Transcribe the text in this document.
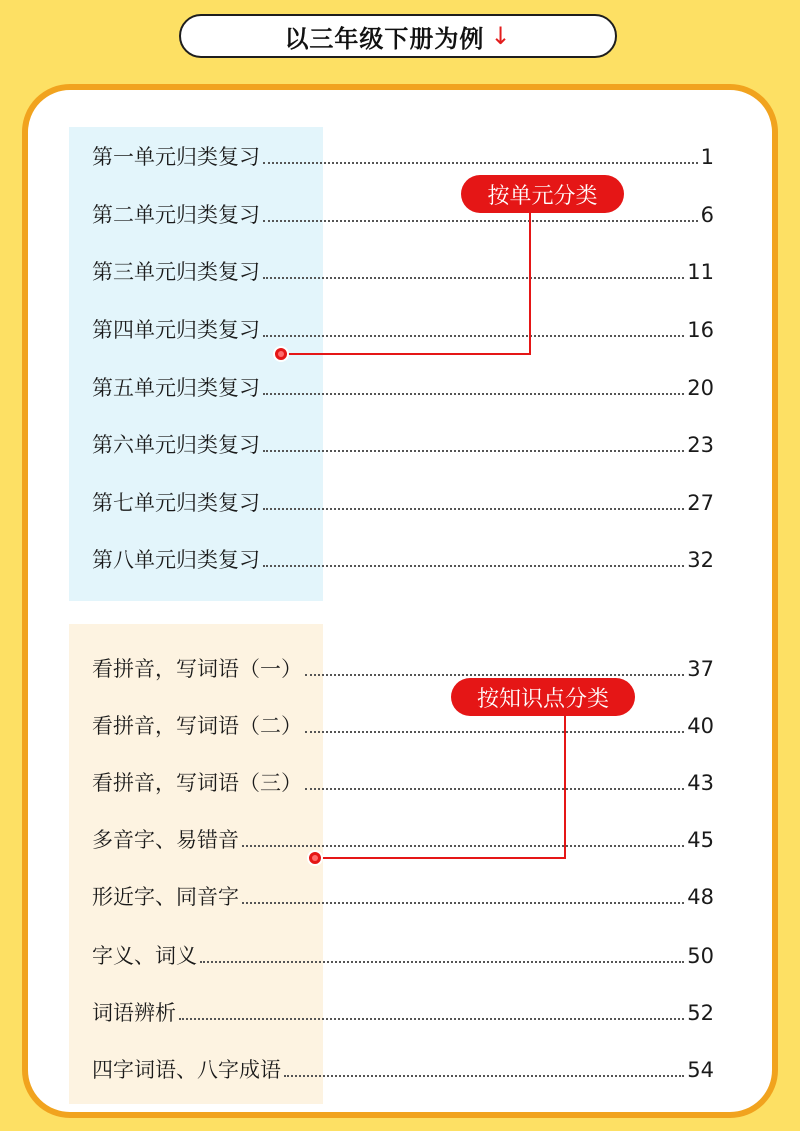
以三年级下册为例 ↓
第一单元归类复习	1
第二单元归类复习	6
第三单元归类复习	11
第四单元归类复习	16
第五单元归类复习	20
第六单元归类复习	23
第七单元归类复习	27
第八单元归类复习	32
看拼音，写词语（一）	37
看拼音，写词语（二）	40
看拼音，写词语（三）	43
多音字、易错音	45
形近字、同音字	48
字义、词义	50
词语辨析	52
四字词语、八字成语	54
按单元分类
按知识点分类
